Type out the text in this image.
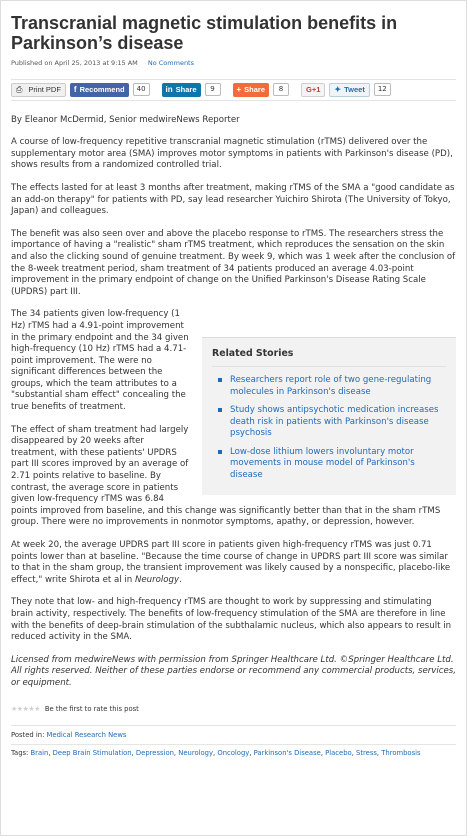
Transcranial magnetic stimulation benefits in Parkinson’s disease
Published on April 25, 2013 at 9:15 AM No Comments
⎙ Print PDF f Recommend	40	in Share	9	+ Share	8	G+1	✦ Tweet	12
By Eleanor McDermid, Senior medwireNews Reporter

A course of low-frequency repetitive transcranial magnetic stimulation (rTMS) delivered over the supplementary motor area (SMA) improves motor symptoms in patients with Parkinson's disease (PD), shows results from a randomized controlled trial.

The effects lasted for at least 3 months after treatment, making rTMS of the SMA a "good candidate as an add-on therapy" for patients with PD, say lead researcher Yuichiro Shirota (The University of Tokyo, Japan) and colleagues.

The benefit was also seen over and above the placebo response to rTMS. The researchers stress the importance of having a "realistic" sham rTMS treatment, which reproduces the sensation on the skin and also the clicking sound of genuine treatment. By week 9, which was 1 week after the conclusion of the 8-week treatment period, sham treatment of 34 patients produced an average 4.03-point improvement in the primary endpoint of change on the Unified Parkinson's Disease Rating Scale (UPDRS) part III.

Related Stories
Researchers report role of two gene-regulating molecules in Parkinson's disease
Study shows antipsychotic medication increases death risk in patients with Parkinson's disease psychosis
Low-dose lithium lowers involuntary motor movements in mouse model of Parkinson's disease

The 34 patients given low-frequency (1 Hz) rTMS had a 4.91-point improvement in the primary endpoint and the 34 given high-frequency (10 Hz) rTMS had a 4.71-point improvement. The were no significant differences between the groups, which the team attributes to a "substantial sham effect" concealing the true benefits of treatment.

The effect of sham treatment had largely disappeared by 20 weeks after treatment, with these patients' UPDRS part III scores improved by an average of 2.71 points relative to baseline. By contrast, the average score in patients given low-frequency rTMS was 6.84 points improved from baseline, and this change was significantly better than that in the sham rTMS group. There were no improvements in nonmotor symptoms, apathy, or depression, however.

At week 20, the average UPDRS part III score in patients given high-frequency rTMS was just 0.71 points lower than at baseline. "Because the time course of change in UPDRS part III score was similar to that in the sham group, the transient improvement was likely caused by a nonspecific, placebo-like effect," write Shirota et al in Neurology.

They note that low- and high-frequency rTMS are thought to work by suppressing and stimulating brain activity, respectively. The benefits of low-frequency stimulation of the SMA are therefore in line with the benefits of deep-brain stimulation of the subthalamic nucleus, which also appears to result in reduced activity in the SMA.

Licensed from medwireNews with permission from Springer Healthcare Ltd. ©Springer Healthcare Ltd. All rights reserved. Neither of these parties endorse or recommend any commercial products, services, or equipment.

★★★★★ Be the first to rate this post
Posted in: Medical Research News
Tags: Brain, Deep Brain Stimulation, Depression, Neurology, Oncology, Parkinson's Disease, Placebo, Stress, Thrombosis
